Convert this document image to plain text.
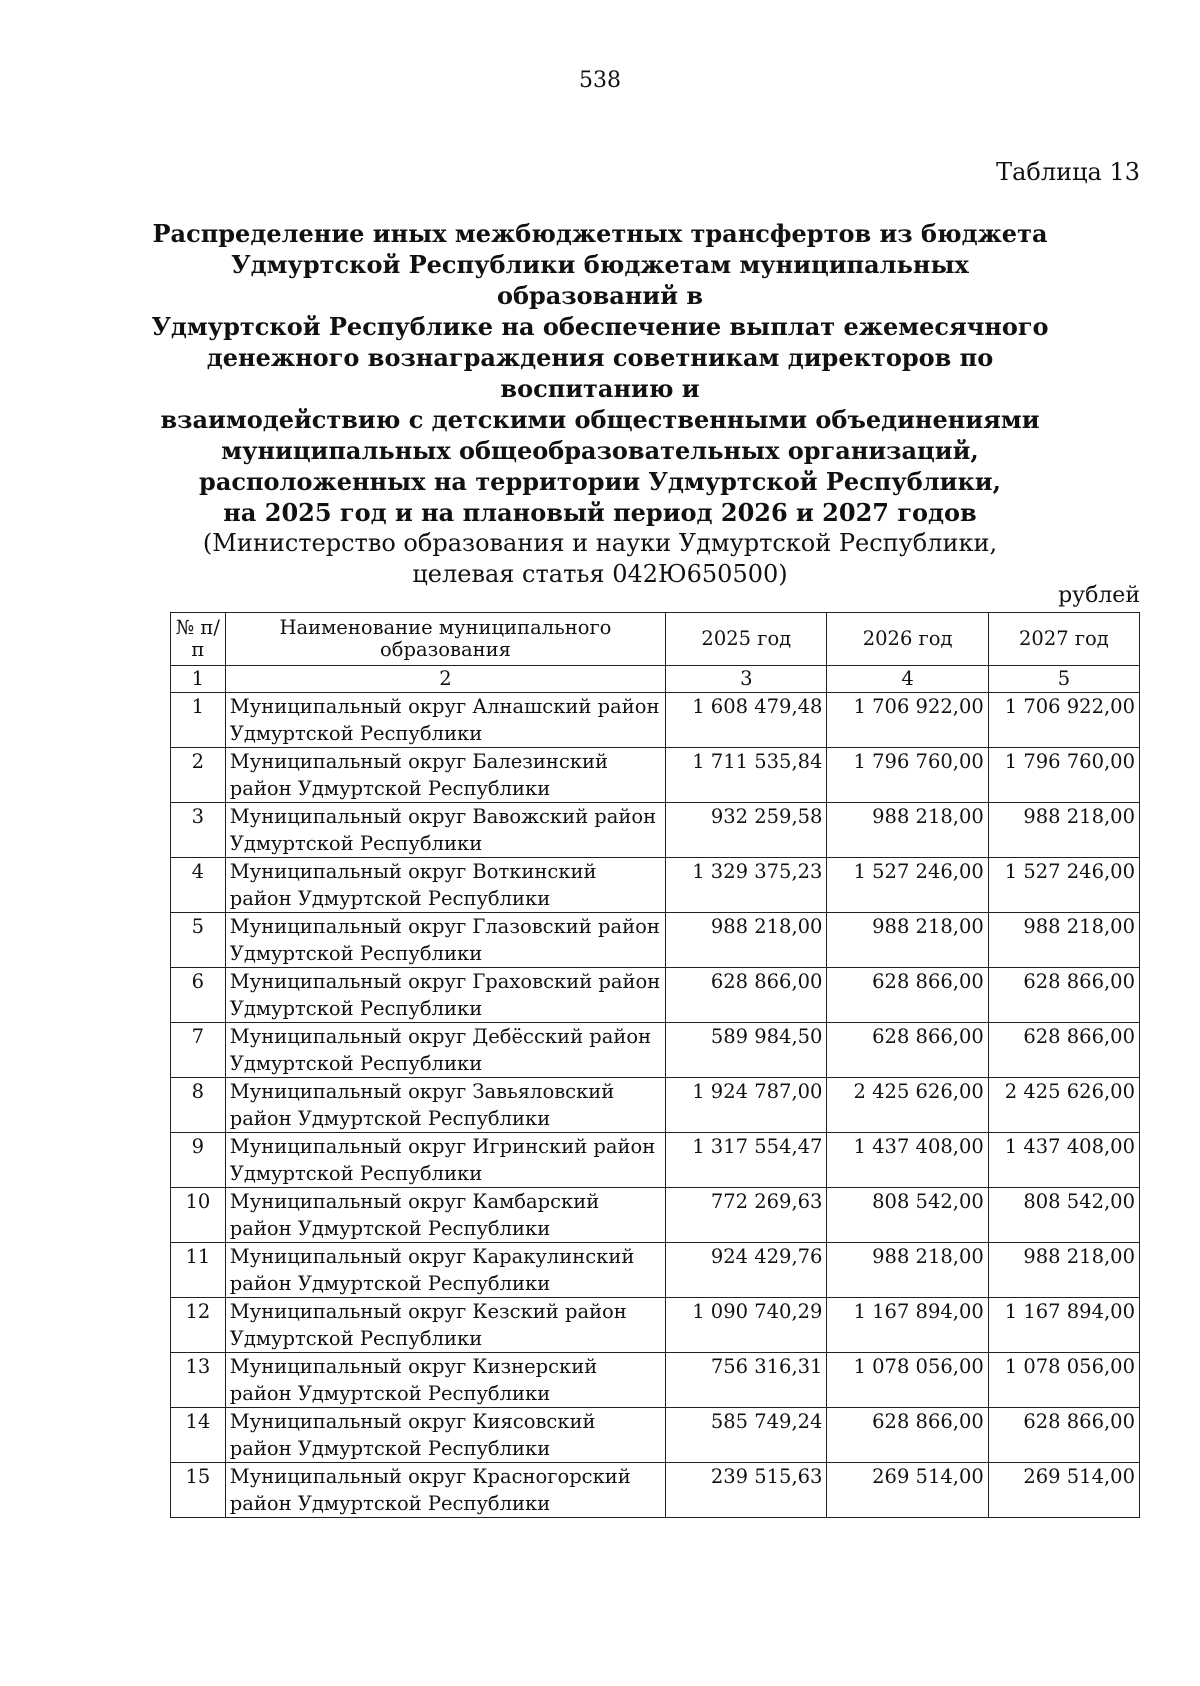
538
Таблица 13
Распределение иных межбюджетных трансфертов из бюджета
Удмуртской Республики бюджетам муниципальных образований в
Удмуртской Республике на обеспечение выплат ежемесячного
денежного вознаграждения советникам директоров по воспитанию и
взаимодействию с детскими общественными объединениями
муниципальных общеобразовательных организаций,
расположенных на территории Удмуртской Республики,
на 2025 год и на плановый период 2026 и 2027 годов
(Министерство образования и науки Удмуртской Республики,
целевая статья 042Ю650500)
рублей
№ п/п	Наименование муниципального образования	2025 год	2026 год	2027 год
1	2	3	4	5
1	Муниципальный округ Алнашский район Удмуртской Республики	1 608 479,48	1 706 922,00	1 706 922,00
2	Муниципальный округ Балезинский район Удмуртской Республики	1 711 535,84	1 796 760,00	1 796 760,00
3	Муниципальный округ Вавожский район Удмуртской Республики	932 259,58	988 218,00	988 218,00
4	Муниципальный округ Воткинский район Удмуртской Республики	1 329 375,23	1 527 246,00	1 527 246,00
5	Муниципальный округ Глазовский район Удмуртской Республики	988 218,00	988 218,00	988 218,00
6	Муниципальный округ Граховский район Удмуртской Республики	628 866,00	628 866,00	628 866,00
7	Муниципальный округ Дебёсский район Удмуртской Республики	589 984,50	628 866,00	628 866,00
8	Муниципальный округ Завьяловский район Удмуртской Республики	1 924 787,00	2 425 626,00	2 425 626,00
9	Муниципальный округ Игринский район Удмуртской Республики	1 317 554,47	1 437 408,00	1 437 408,00
10	Муниципальный округ Камбарский район Удмуртской Республики	772 269,63	808 542,00	808 542,00
11	Муниципальный округ Каракулинский район Удмуртской Республики	924 429,76	988 218,00	988 218,00
12	Муниципальный округ Кезский район Удмуртской Республики	1 090 740,29	1 167 894,00	1 167 894,00
13	Муниципальный округ Кизнерский район Удмуртской Республики	756 316,31	1 078 056,00	1 078 056,00
14	Муниципальный округ Киясовский район Удмуртской Республики	585 749,24	628 866,00	628 866,00
15	Муниципальный округ Красногорский район Удмуртской Республики	239 515,63	269 514,00	269 514,00
